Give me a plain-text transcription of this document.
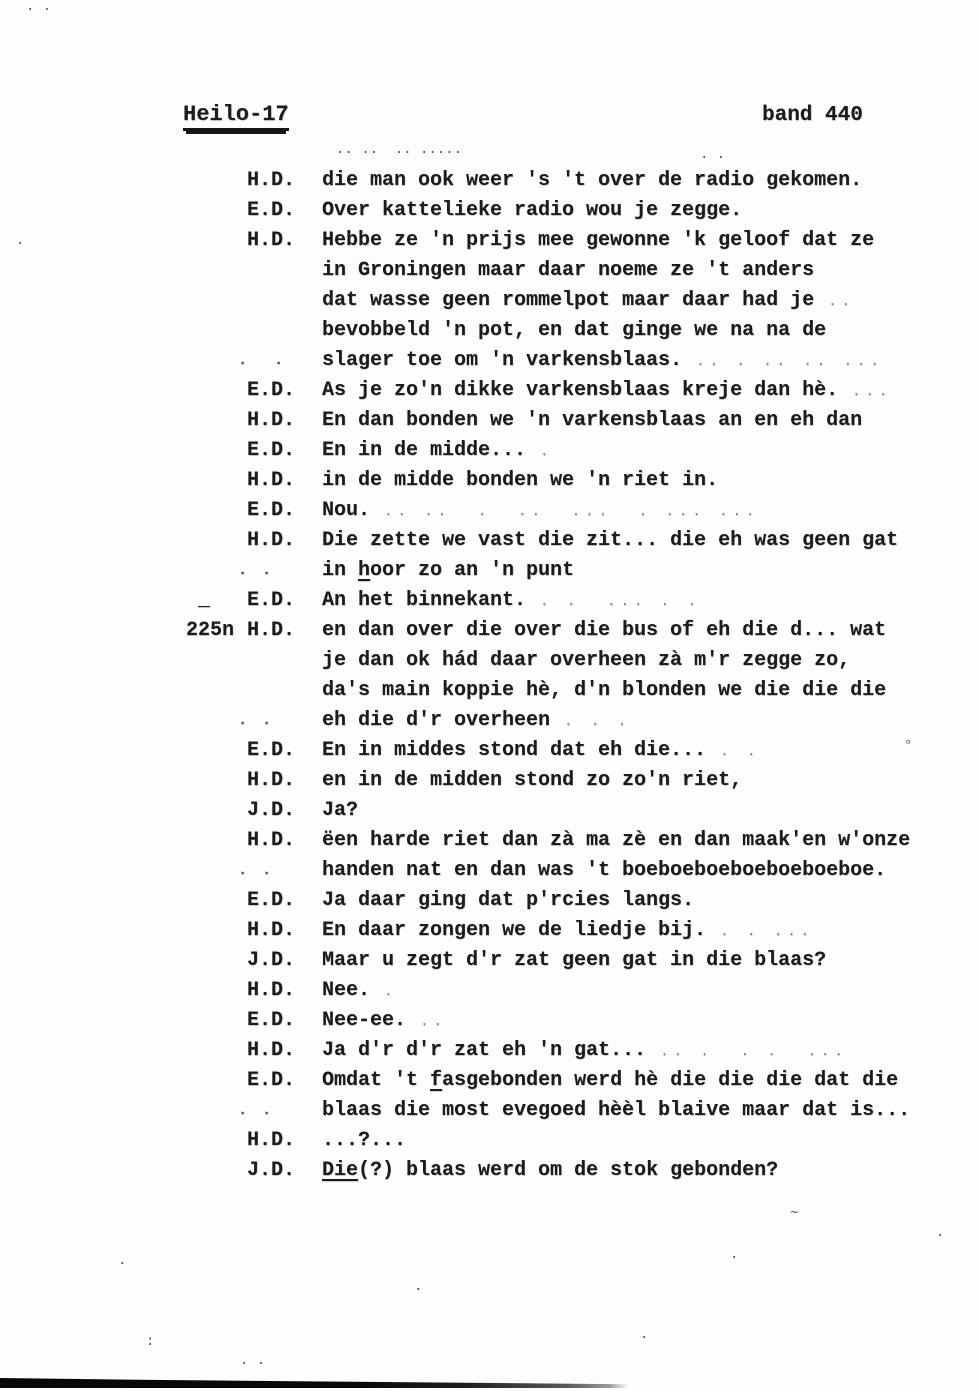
Heilo-17	band 440
H.D. die man ook weer 's 't over de radio gekomen.
E.D. Over kattelieke radio wou je zegge.
H.D. Hebbe ze 'n prijs mee gewonne 'k geloof dat ze
in Groningen maar daar noeme ze 't anders
dat wasse geen rommelpot maar daar had je ..
bevobbeld 'n pot, en dat ginge we na na de
.  . slager toe om 'n varkensblaas. .. . .. .. ...
E.D. As je zo'n dikke varkensblaas kreje dan hè. ...
H.D. En dan bonden we 'n varkensblaas an en eh dan
E.D. En in de midde... .
H.D. in de midde bonden we 'n riet in.
E.D. Nou. .. ..  .  ..  ...  . ... ...
H.D. Die zette we vast die zit... die eh was geen gat
. . in hoor zo an 'n punt
_ E.D. An het binnekant. . .  ... . .
225n H.D. en dan over die over die bus of eh die d... wat
je dan ok hád daar overheen zà m'r zegge zo,
da's main koppie hè, d'n blonden we die die die
. . eh die d'r overheen . . .
E.D. En in middes stond dat eh die... . .
H.D. en in de midden stond zo zo'n riet,
J.D. Ja?
H.D. ëen harde riet dan zà ma zè en dan maak'en w'onze
. . handen nat en dan was 't boeboeboeboeboeboeboe.
E.D. Ja daar ging dat p'rcies langs.
H.D. En daar zongen we de liedje bij. . . ...
J.D. Maar u zegt d'r zat geen gat in die blaas?
H.D. Nee. .
E.D. Nee-ee. ..
H.D. Ja d'r d'r zat eh 'n gat... .. .  . .  ...
E.D. Omdat 't fasgebonden werd hè die die die dat die
. . blaas die most evegoed hèèl blaive maar dat is...
H.D. ...?...
J.D. Die(?) blaas werd om de stok gebonden?
· ·
·· ··  ·· ·····	· ·
·
°
~
:
·
·
·
·
·
· ·
